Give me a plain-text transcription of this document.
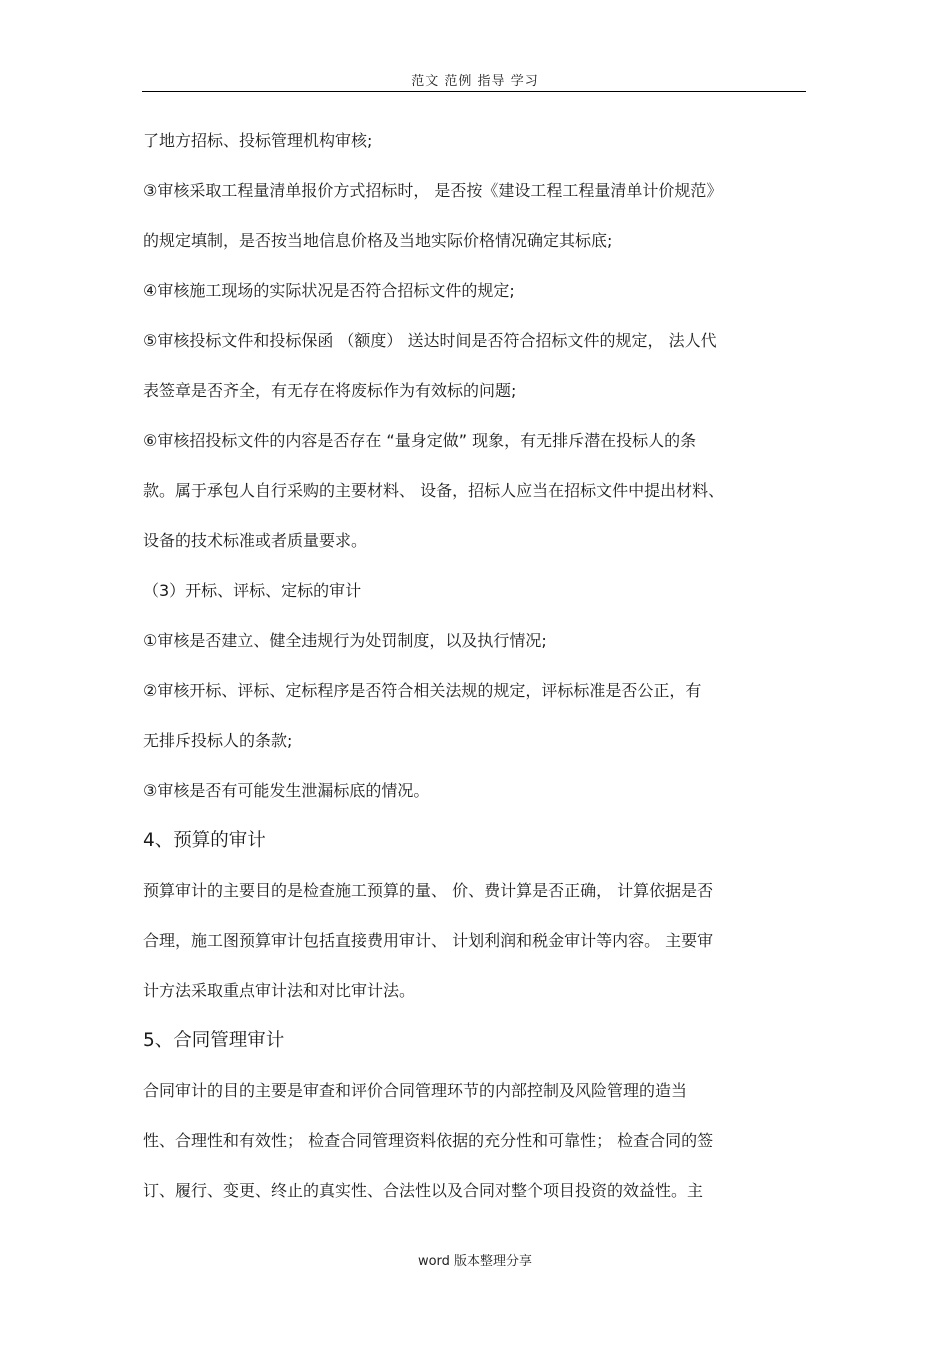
范文 范例 指导 学习
了地方招标、投标管理机构审核;
③审核采取工程量清单报价方式招标时， 是否按《建设工程工程量清单计价规范》
的规定填制，是否按当地信息价格及当地实际价格情况确定其标底;
④审核施工现场的实际状况是否符合招标文件的规定;
⑤审核投标文件和投标保函 （额度） 送达时间是否符合招标文件的规定， 法人代
表签章是否齐全，有无存在将废标作为有效标的问题;
⑥审核招投标文件的内容是否存在 “量身定做” 现象，有无排斥潜在投标人的条
款。属于承包人自行采购的主要材料、 设备，招标人应当在招标文件中提出材料、
设备的技术标准或者质量要求。
（3）开标、评标、定标的审计
①审核是否建立、健全违规行为处罚制度，以及执行情况;
②审核开标、评标、定标程序是否符合相关法规的规定，评标标准是否公正，有
无排斥投标人的条款;
③审核是否有可能发生泄漏标底的情况。
4、预算的审计
预算审计的主要目的是检查施工预算的量、 价、费计算是否正确， 计算依据是否
合理，施工图预算审计包括直接费用审计、 计划利润和税金审计等内容。 主要审
计方法采取重点审计法和对比审计法。
5、合同管理审计
合同审计的目的主要是审查和评价合同管理环节的内部控制及风险管理的造当
性、合理性和有效性； 检查合同管理资料依据的充分性和可靠性； 检查合同的签
订、履行、变更、终止的真实性、合法性以及合同对整个项目投资的效益性。主
word 版本整理分享
